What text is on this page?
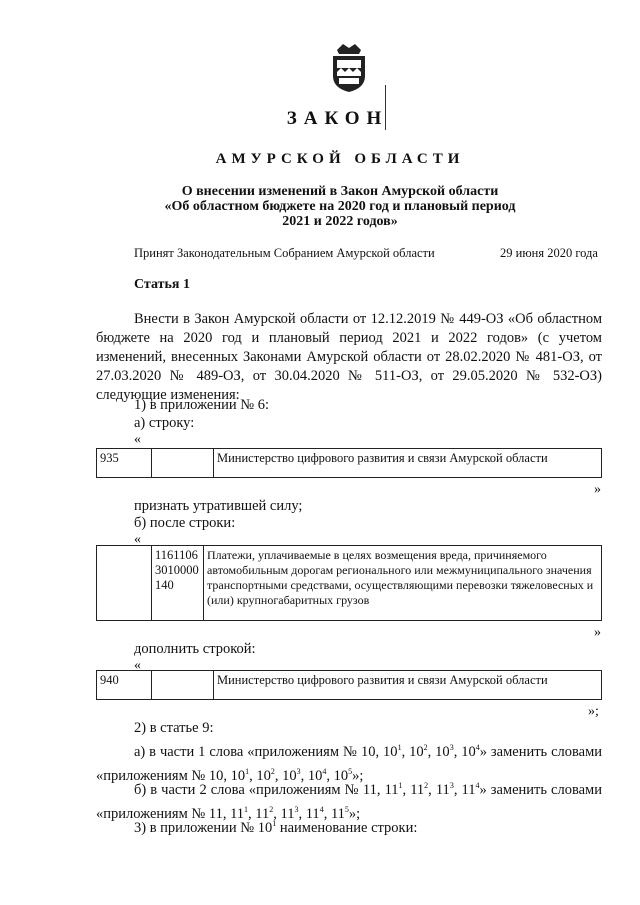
ЗАКОН
АМУРСКОЙ ОБЛАСТИ
О внесении изменений в Закон Амурской области
«Об областном бюджете на 2020 год и плановый период
2021 и 2022 годов»
Принят Законодательным Собранием Амурской области	29 июня 2020 года
Статья 1
Внести в Закон Амурской области от 12.12.2019 № 449-ОЗ «Об областном бюджете на 2020 год и плановый период 2021 и 2022 годов» (с учетом изменений, внесенных Законами Амурской области от 28.02.2020 № 481-ОЗ, от 27.03.2020 № 489-ОЗ, от 30.04.2020 № 511-ОЗ, от 29.05.2020 № 532-ОЗ) следующие изменения:
1) в приложении № 6:
а) строку:
«
935		Министерство цифрового развития и связи Амурской области
»
признать утратившей силу;
б) после строки:
«
	1161106 3010000 140	Платежи, уплачиваемые в целях возмещения вреда, причиняемого автомобильным дорогам регионального или межмуниципального значения транспортными средствами, осуществляющими перевозки тяжеловесных и (или) крупногабаритных грузов
»
дополнить строкой:
«
940		Министерство цифрового развития и связи Амурской области
»;
2) в статье 9:
а) в части 1 слова «приложениям № 10, $10^1$, $10^2$, $10^3$, $10^4$» заменить словами «приложениям № 10, $10^1$, $10^2$, $10^3$, $10^4$, $10^5$»;
б) в части 2 слова «приложениям № 11, $11^1$, $11^2$, $11^3$, $11^4$» заменить словами «приложениям № 11, $11^1$, $11^2$, $11^3$, $11^4$, $11^5$»;
3) в приложении № $10^1$ наименование строки:
